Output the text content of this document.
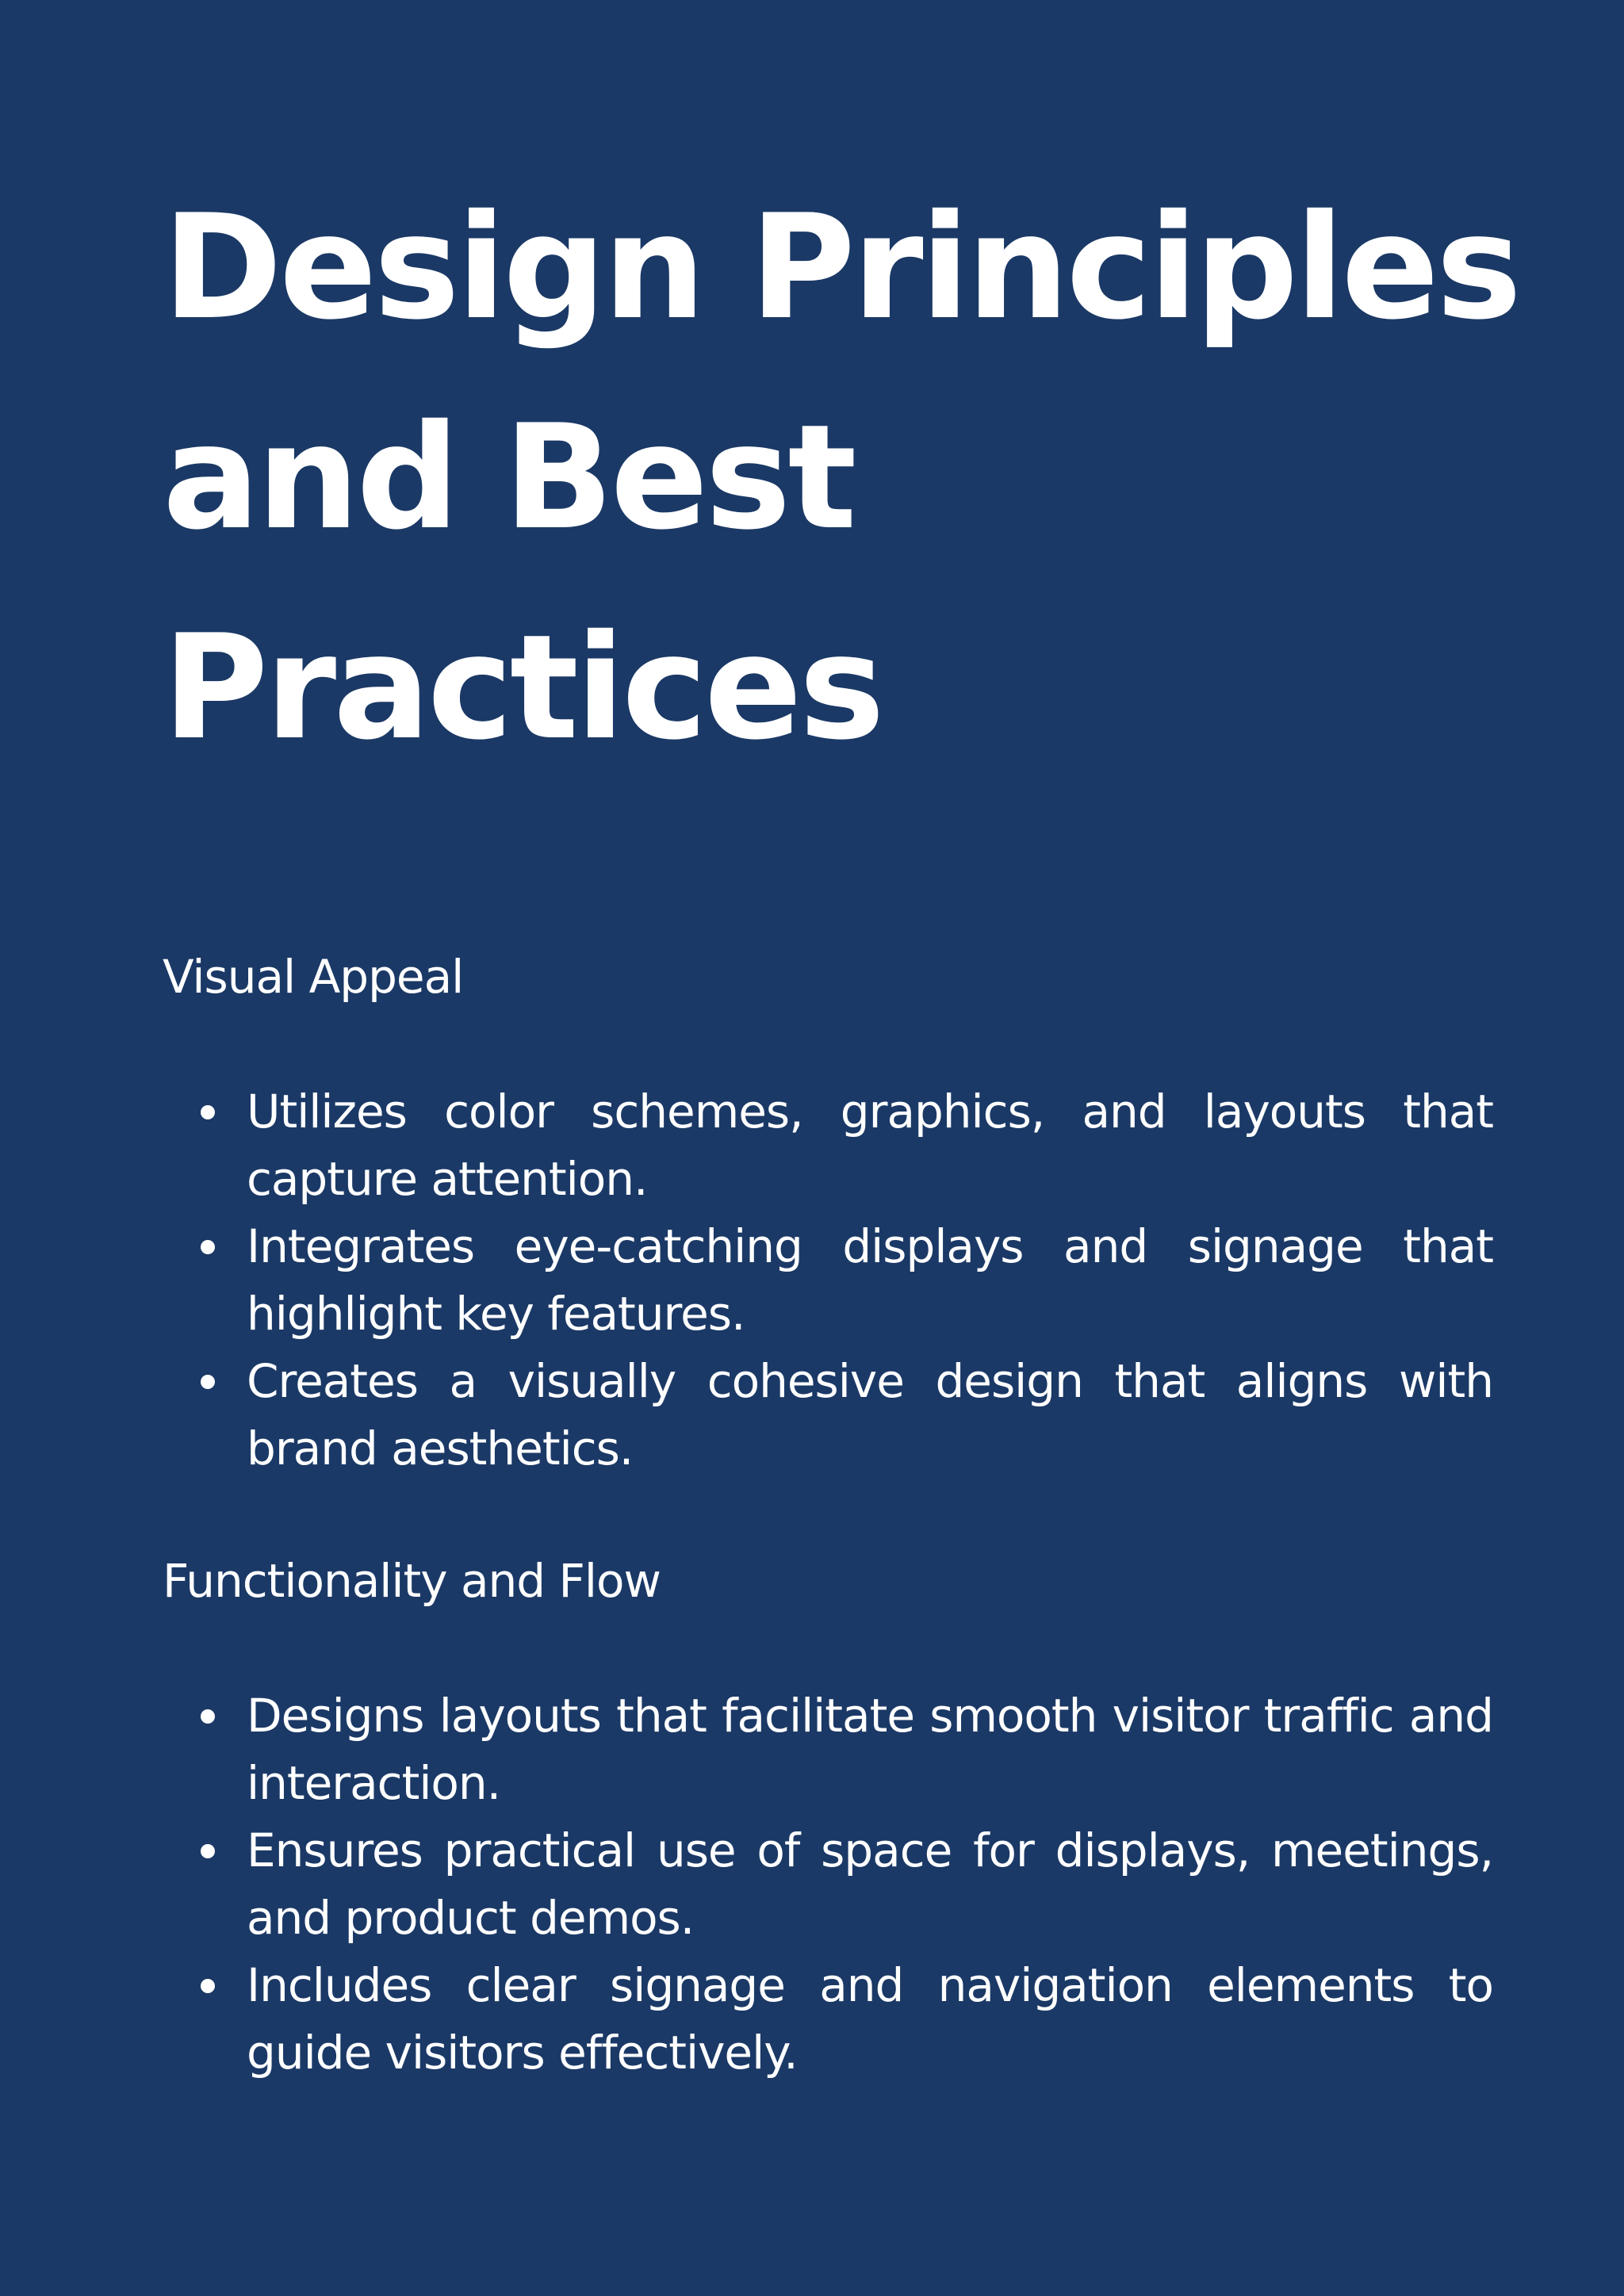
Design Principles
and Best
Practices
Visual Appeal
Utilizes color schemes, graphics, and layouts that capture attention.
Integrates eye-catching displays and signage that highlight key features.
Creates a visually cohesive design that aligns with brand aesthetics.
Functionality and Flow
Designs layouts that facilitate smooth visitor traffic and interaction.
Ensures practical use of space for displays, meetings, and product demos.
Includes clear signage and navigation elements to guide visitors effectively.
